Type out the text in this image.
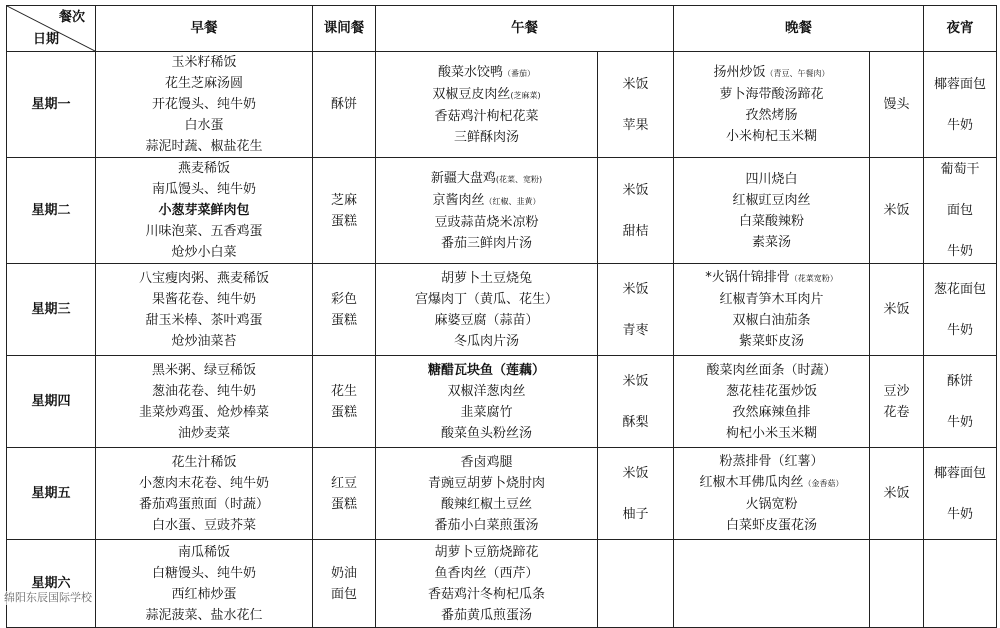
餐次
日期	早餐	课间餐	午餐		晚餐		夜宵
星期一	玉米籽稀饭
花生芝麻汤圆
开花馒头、纯牛奶
白水蛋
蒜泥时蔬、椒盐花生	酥饼	酸菜水饺鸭（番茄）
双椒豆皮肉丝(芝麻菜)
香菇鸡汁枸杞花菜
三鲜酥肉汤	米饭
苹果	扬州炒饭（青豆、午餐肉）
萝卜海带酸汤蹄花
孜然烤肠
小米枸杞玉米糊	馒头	椰蓉面包
牛奶

星期二	燕麦稀饭
南瓜馒头、纯牛奶
小葱芽菜鲜肉包
川味泡菜、五香鸡蛋
炝炒小白菜	芝麻
蛋糕	新疆大盘鸡(花菜、宽粉)
京酱肉丝（红椒、韭黄）
豆豉蒜苗烧米凉粉
番茄三鲜肉片汤	米饭
甜桔	四川烧白
红椒豇豆肉丝
白菜酸辣粉
素菜汤	米饭	葡萄干
面包
牛奶

星期三	八宝瘦肉粥、燕麦稀饭
果酱花卷、纯牛奶
甜玉米棒、茶叶鸡蛋
炝炒油菜苔	彩色
蛋糕	胡萝卜土豆烧兔
宫爆肉丁（黄瓜、花生）
麻婆豆腐（蒜苗）
冬瓜肉片汤	米饭
青枣	*火锅什锦排骨（花菜宽粉）
红椒青笋木耳肉片
双椒白油茄条
紫菜虾皮汤	米饭	葱花面包
牛奶

星期四	黑米粥、绿豆稀饭
葱油花卷、纯牛奶
韭菜炒鸡蛋、炝炒棒菜
油炒麦菜	花生
蛋糕	糖醋瓦块鱼（莲藕）
双椒洋葱肉丝
韭菜腐竹
酸菜鱼头粉丝汤	米饭
酥梨	酸菜肉丝面条（时蔬）
葱花桂花蛋炒饭
孜然麻辣鱼排
枸杞小米玉米糊	豆沙
花卷	酥饼
牛奶

星期五	花生汁稀饭
小葱肉末花卷、纯牛奶
番茄鸡蛋煎面（时蔬）
白水蛋、豆豉芥菜	红豆
蛋糕	香卤鸡腿
青豌豆胡萝卜烧肘肉
酸辣红椒土豆丝
番茄小白菜煎蛋汤	米饭
柚子	粉蒸排骨（红薯）
红椒木耳佛瓜肉丝（金香菇）
火锅宽粉
白菜虾皮蛋花汤	米饭	椰蓉面包
牛奶

星期六	南瓜稀饭
白糖馒头、纯牛奶
西红柿炒蛋
蒜泥菠菜、盐水花仁	奶油
面包	胡萝卜豆筋烧蹄花
鱼香肉丝（西芹）
香菇鸡汁冬枸杞瓜条
番茄黄瓜煎蛋汤				

绵阳东辰国际学校
